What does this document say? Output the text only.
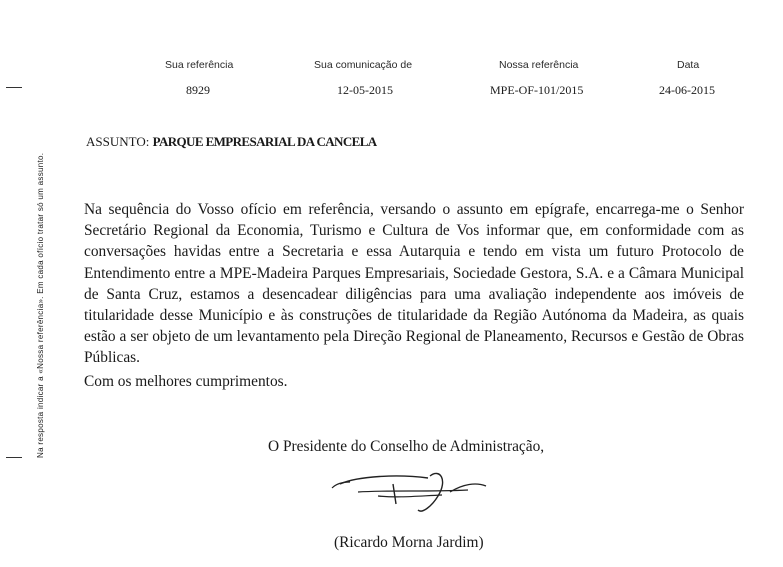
Sua referência
8929
Sua comunicação de
12-05-2015
Nossa referência
MPE-OF-101/2015
Data
24-06-2015
Na resposta indicar a «Nossa referência». Em cada ofício tratar só um assunto.
ASSUNTO: PARQUE EMPRESARIAL DA CANCELA

Na sequência do Vosso ofício em referência, versando o assunto em epígrafe, encarrega-me o Senhor Secretário Regional da Economia, Turismo e Cultura de Vos informar que, em conformidade com as conversações havidas entre a Secretaria e essa Autarquia e tendo em vista um futuro Protocolo de Entendimento entre a MPE-Madeira Parques Empresariais, Sociedade Gestora, S.A. e a Câmara Municipal de Santa Cruz, estamos a desencadear diligências para uma avaliação independente aos imóveis de titularidade desse Município e às construções de titularidade da Região Autónoma da Madeira, as quais estão a ser objeto de um levantamento pela Direção Regional de Planeamento, Recursos e Gestão de Obras Públicas.

Com os melhores cumprimentos.
O Presidente do Conselho de Administração,
(Ricardo Morna Jardim)
